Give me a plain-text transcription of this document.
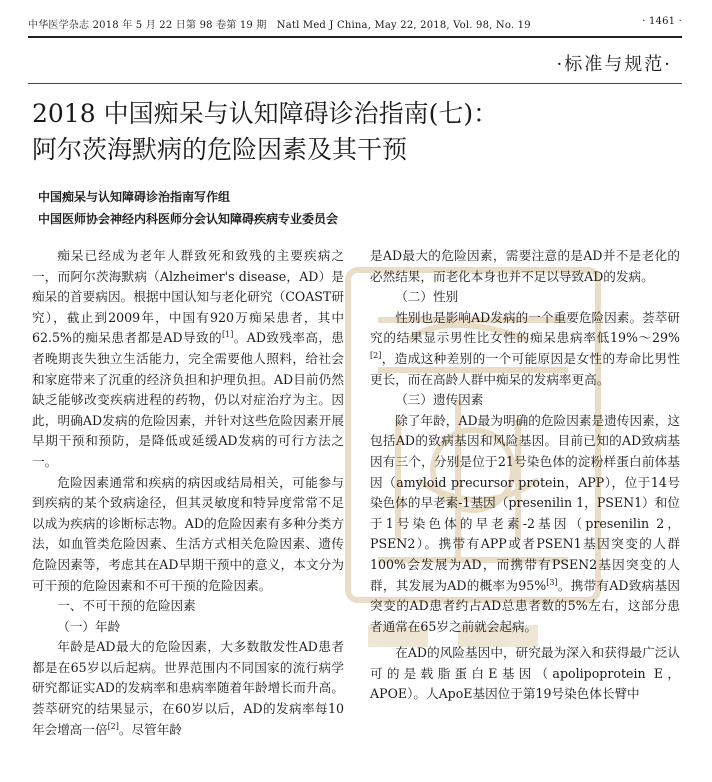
中华医学杂志 2018 年 5 月 22 日第 98 卷第 19 期　Natl Med J China, May 22, 2018, Vol. 98, No. 19	· 1461 ·
·标准与规范·
2018 中国痴呆与认知障碍诊治指南(七)：
阿尔茨海默病的危险因素及其干预
中国痴呆与认知障碍诊治指南写作组
中国医师协会神经内科医师分会认知障碍疾病专业委员会

痴呆已经成为老年人群致死和致残的主要疾病之一，而阿尔茨海默病（Alzheimer's disease，AD）是痴呆的首要病因。根据中国认知与老化研究（COAST研究），截止到2009年，中国有920万痴呆患者，其中62.5%的痴呆患者都是AD导致的[1]。AD致残率高，患者晚期丧失独立生活能力，完全需要他人照料，给社会和家庭带来了沉重的经济负担和护理负担。AD目前仍然缺乏能够改变疾病进程的药物，仍以对症治疗为主。因此，明确AD发病的危险因素，并针对这些危险因素开展早期干预和预防，是降低或延缓AD发病的可行方法之一。

危险因素通常和疾病的病因或结局相关，可能参与到疾病的某个致病途径，但其灵敏度和特异度常常不足以成为疾病的诊断标志物。AD的危险因素有多种分类方法，如血管类危险因素、生活方式相关危险因素、遗传危险因素等，考虑其在AD早期干预中的意义，本文分为可干预的危险因素和不可干预的危险因素。

一、不可干预的危险因素
（一）年龄

年龄是AD最大的危险因素，大多数散发性AD患者都是在65岁以后起病。世界范围内不同国家的流行病学研究都证实AD的发病率和患病率随着年龄增长而升高。荟萃研究的结果显示，在60岁以后，AD的发病率每10年会增高一倍[2]。尽管年龄

是AD最大的危险因素，需要注意的是AD并不是老化的必然结果，而老化本身也并不足以导致AD的发病。

（二）性别

性别也是影响AD发病的一个重要危险因素。荟萃研究的结果显示男性比女性的痴呆患病率低19%～29%[2]，造成这种差别的一个可能原因是女性的寿命比男性更长，而在高龄人群中痴呆的发病率更高。

（三）遗传因素

除了年龄，AD最为明确的危险因素是遗传因素，这包括AD的致病基因和风险基因。目前已知的AD致病基因有三个，分别是位于21号染色体的淀粉样蛋白前体基因（amyloid precursor protein，APP），位于14号染色体的早老素-1基因（presenilin 1，PSEN1）和位于1号染色体的早老素-2基因（presenilin 2，PSEN2）。携带有APP或者PSEN1基因突变的人群100%会发展为AD，而携带有PSEN2基因突变的人群，其发展为AD的概率为95%[3]。携带有AD致病基因突变的AD患者约占AD总患者数的5%左右，这部分患者通常在65岁之前就会起病。

在AD的风险基因中，研究最为深入和获得最广泛认可的是载脂蛋白E基因（apolipoprotein E，APOE）。人ApoE基因位于第19号染色体长臂中
